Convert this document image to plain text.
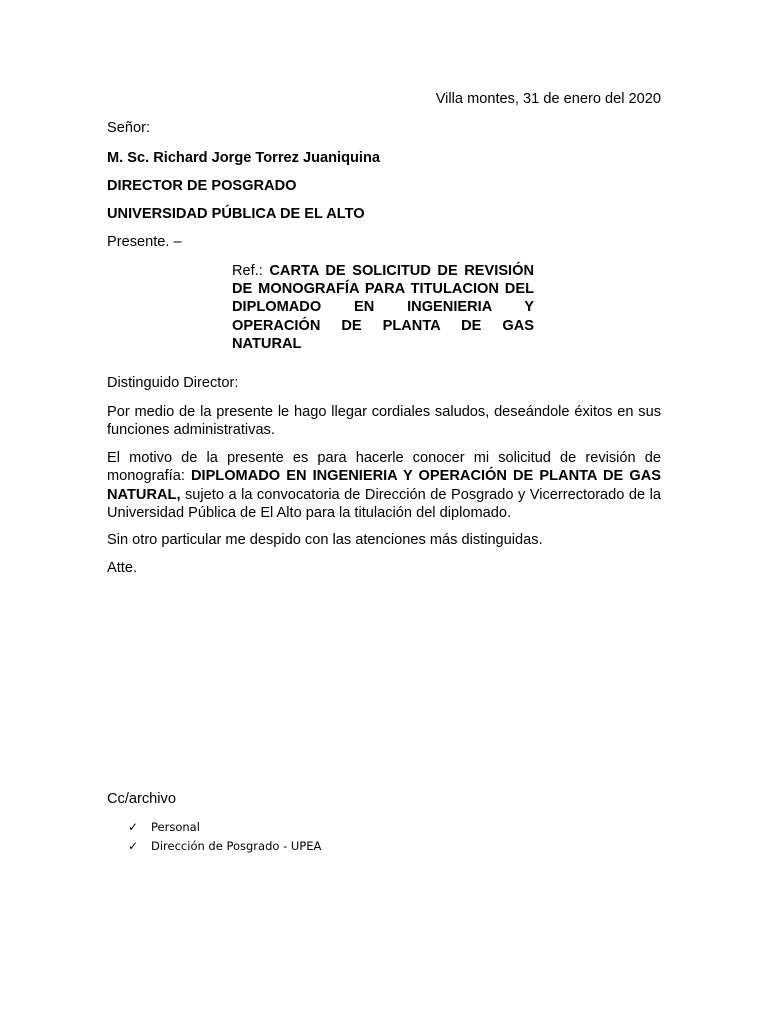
Villa montes, 31 de enero del 2020

Señor:

M. Sc. Richard Jorge Torrez Juaniquina

DIRECTOR DE POSGRADO

UNIVERSIDAD PÚBLICA DE EL ALTO

Presente. –

Ref.: CARTA DE SOLICITUD DE REVISIÓN DE MONOGRAFÍA PARA TITULACION DEL DIPLOMADO EN INGENIERIA Y OPERACIÓN DE PLANTA DE GAS NATURAL

Distinguido Director:

Por medio de la presente le hago llegar cordiales saludos, deseándole éxitos en sus funciones administrativas.

El motivo de la presente es para hacerle conocer mi solicitud de revisión de monografía: DIPLOMADO EN INGENIERIA Y OPERACIÓN DE PLANTA DE GAS NATURAL, sujeto a la convocatoria de Dirección de Posgrado y Vicerrectorado de la Universidad Pública de El Alto para la titulación del diplomado.

Sin otro particular me despido con las atenciones más distinguidas.

Atte.

Cc/archivo

✓ Personal
✓ Dirección de Posgrado - UPEA
